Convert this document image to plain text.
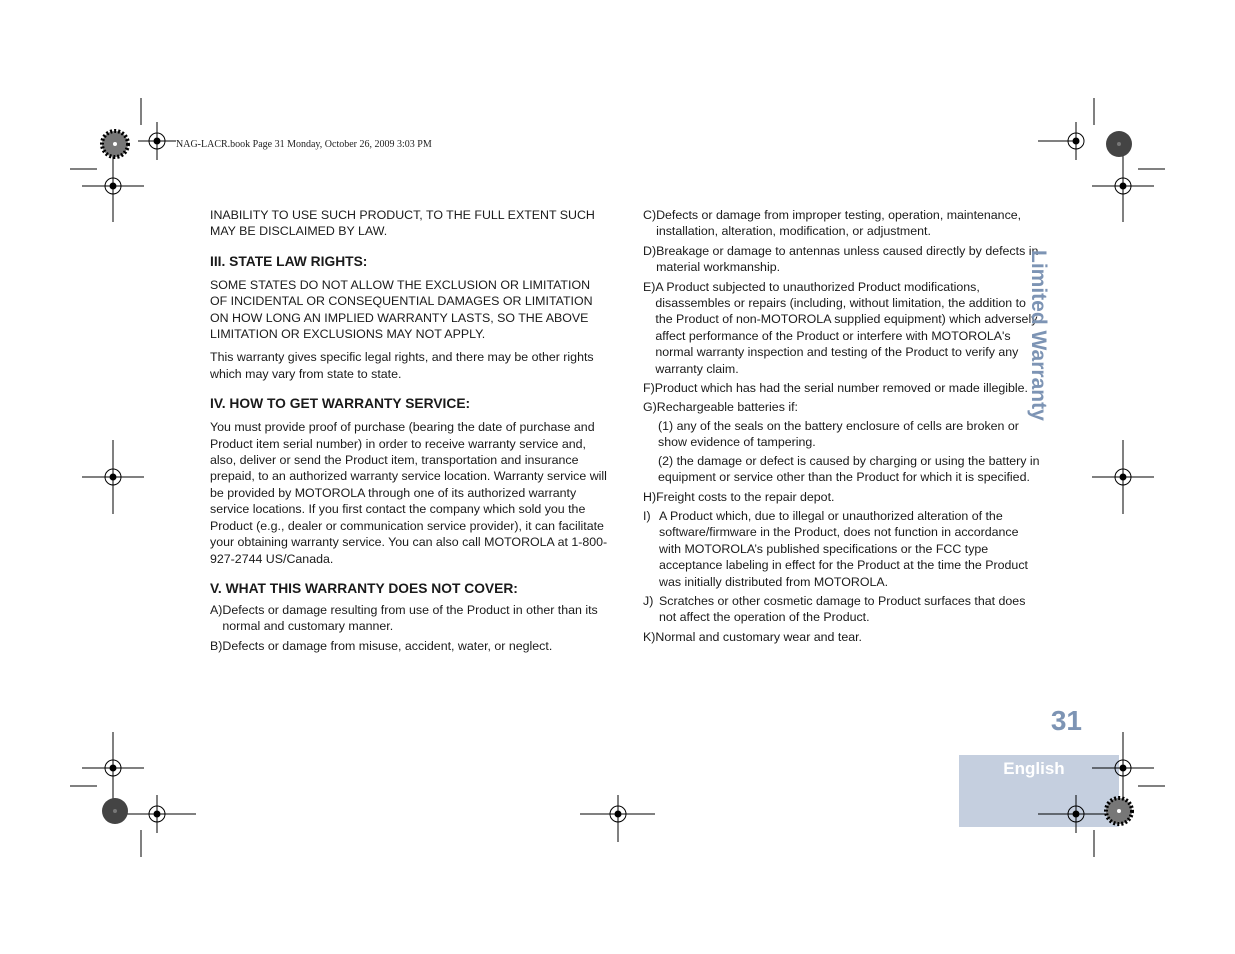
NAG-LACR.book Page 31 Monday, October 26, 2009 3:03 PM

INABILITY TO USE SUCH PRODUCT, TO THE FULL EXTENT SUCH MAY BE DISCLAIMED BY LAW.

III. STATE LAW RIGHTS:

SOME STATES DO NOT ALLOW THE EXCLUSION OR LIMITATION OF INCIDENTAL OR CONSEQUENTIAL DAMAGES OR LIMITATION ON HOW LONG AN IMPLIED WARRANTY LASTS, SO THE ABOVE LIMITATION OR EXCLUSIONS MAY NOT APPLY.

This warranty gives specific legal rights, and there may be other rights which may vary from state to state.

IV. HOW TO GET WARRANTY SERVICE:

You must provide proof of purchase (bearing the date of purchase and Product item serial number) in order to receive warranty service and, also, deliver or send the Product item, transportation and insurance prepaid, to an authorized warranty service location. Warranty service will be provided by MOTOROLA through one of its authorized warranty service locations. If you first contact the company which sold you the Product (e.g., dealer or communication service provider), it can facilitate your obtaining warranty service. You can also call MOTOROLA at 1-800-927-2744 US/Canada.

V. WHAT THIS WARRANTY DOES NOT COVER:

A) Defects or damage resulting from use of the Product in other than its normal and customary manner.
B) Defects or damage from misuse, accident, water, or neglect.
C) Defects or damage from improper testing, operation, maintenance, installation, alteration, modification, or adjustment.
D) Breakage or damage to antennas unless caused directly by defects in material workmanship.
E) A Product subjected to unauthorized Product modifications, disassembles or repairs (including, without limitation, the addition to the Product of non-MOTOROLA supplied equipment) which adversely affect performance of the Product or interfere with MOTOROLA's normal warranty inspection and testing of the Product to verify any warranty claim.
F) Product which has had the serial number removed or made illegible.
G) Rechargeable batteries if:

(1) any of the seals on the battery enclosure of cells are broken or show evidence of tampering.

(2) the damage or defect is caused by charging or using the battery in equipment or service other than the Product for which it is specified.

H) Freight costs to the repair depot.
I) A Product which, due to illegal or unauthorized alteration of the software/firmware in the Product, does not function in accordance with MOTOROLA’s published specifications or the FCC type acceptance labeling in effect for the Product at the time the Product was initially distributed from MOTOROLA.
J) Scratches or other cosmetic damage to Product surfaces that does not affect the operation of the Product.
K) Normal and customary wear and tear.
Limited Warranty
31
English
